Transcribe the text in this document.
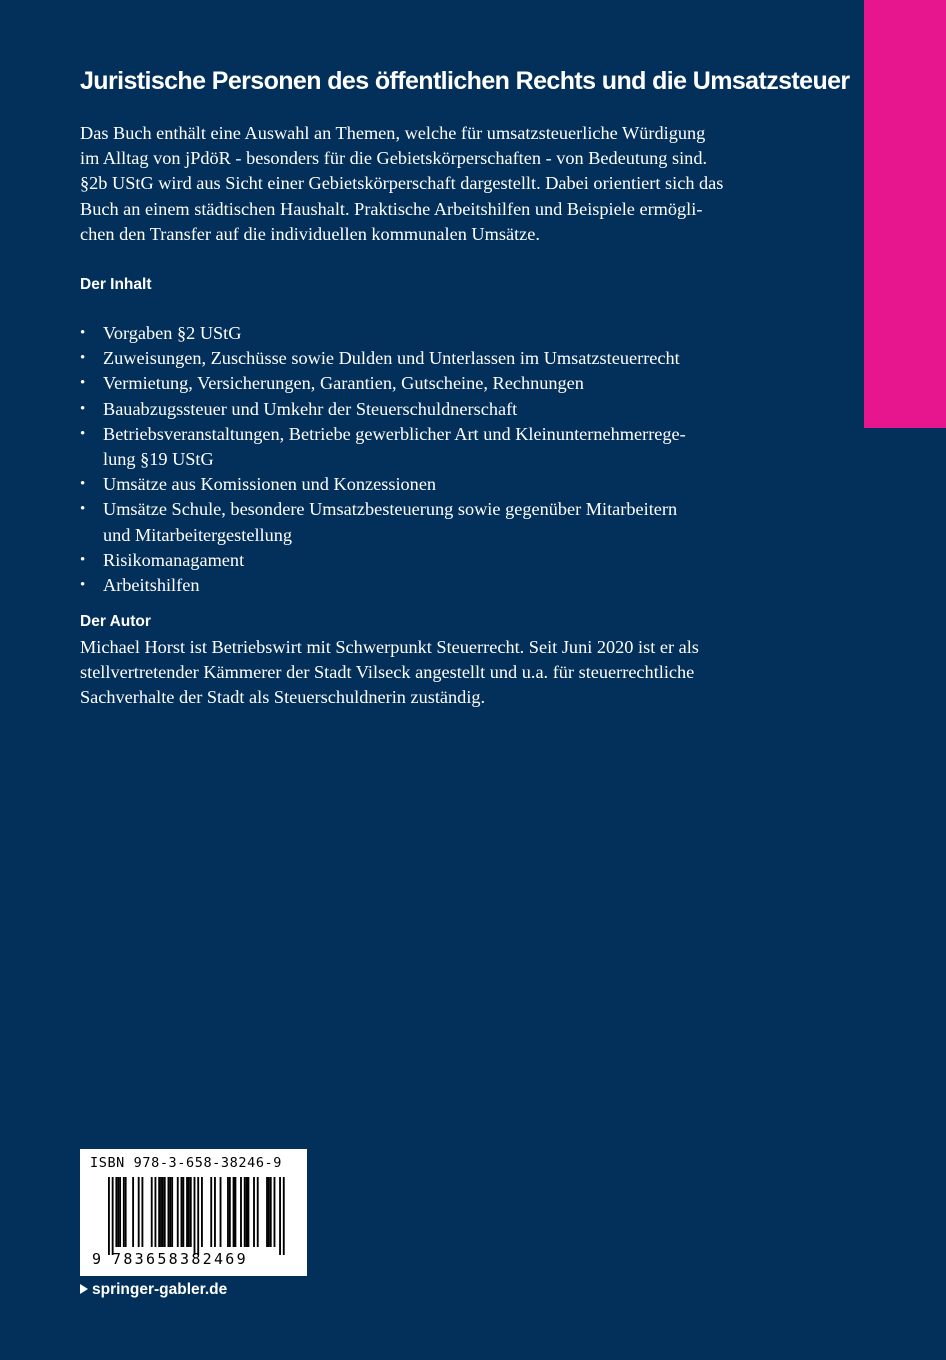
Juristische Personen des öffentlichen Rechts und die Umsatzsteuer

Das Buch enthält eine Auswahl an Themen, welche für umsatzsteuerliche Würdigung
im Alltag von jPdöR - besonders für die Gebietskörperschaften - von Bedeutung sind.
§2b UStG wird aus Sicht einer Gebietskörperschaft dargestellt. Dabei orientiert sich das
Buch an einem städtischen Haushalt. Praktische Arbeitshilfen und Beispiele ermögli-
chen den Transfer auf die individuellen kommunalen Umsätze.

Der Inhalt
• Vorgaben §2 UStG
• Zuweisungen, Zuschüsse sowie Dulden und Unterlassen im Umsatzsteuerrecht
• Vermietung, Versicherungen, Garantien, Gutscheine, Rechnungen
• Bauabzugssteuer und Umkehr der Steuerschuldnerschaft
• Betriebsveranstaltungen, Betriebe gewerblicher Art und Kleinunternehmerrege-
lung §19 UStG
• Umsätze aus Komissionen und Konzessionen
• Umsätze Schule, besondere Umsatzbesteuerung sowie gegenüber Mitarbeitern
und Mitarbeitergestellung
• Risikomanagament
• Arbeitshilfen
Der Autor

Michael Horst ist Betriebswirt mit Schwerpunkt Steuerrecht. Seit Juni 2020 ist er als
stellvertretender Kämmerer der Stadt Vilseck angestellt und u.a. für steuerrechtliche
Sachverhalte der Stadt als Steuerschuldnerin zuständig.

ISBN 978-3-658-38246-9
9 783658382469
springer-gabler.de
